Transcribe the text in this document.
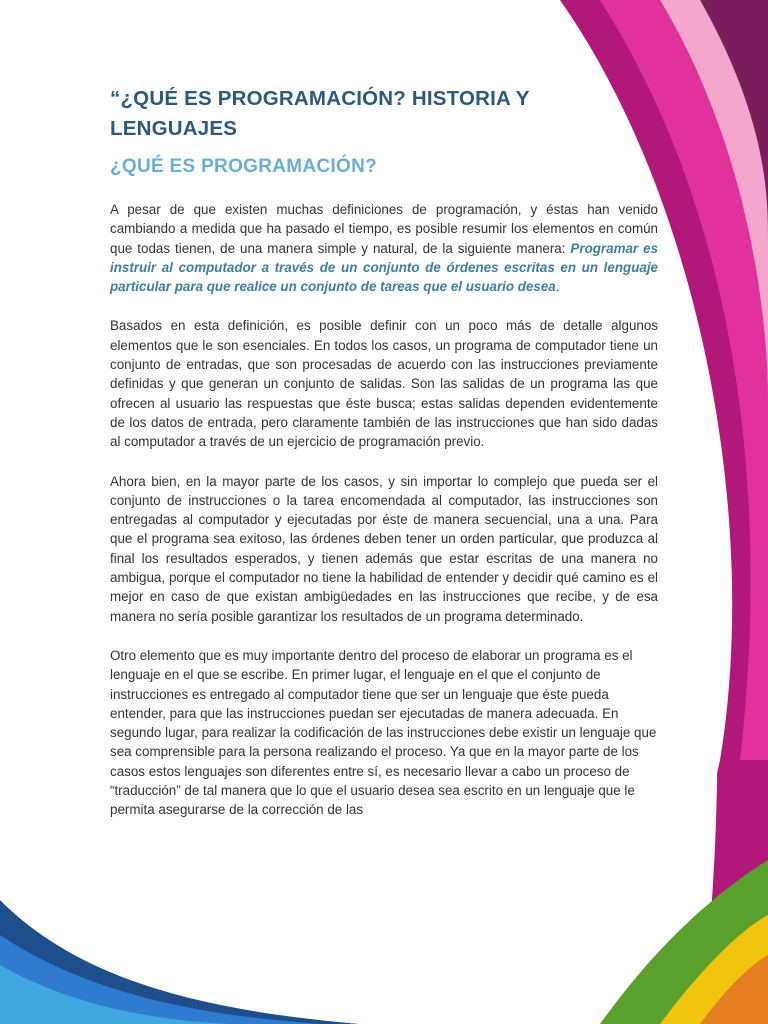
“¿QUÉ ES PROGRAMACIÓN? HISTORIA Y
LENGUAJES
¿QUÉ ES PROGRAMACIÓN?

A pesar de que existen muchas definiciones de programación, y éstas han venido cambiando a medida que ha pasado el tiempo, es posible resumir los elementos en común que todas tienen, de una manera simple y natural, de la siguiente manera: Programar es instruir al computador a través de un conjunto de órdenes escritas en un lenguaje particular para que realice un conjunto de tareas que el usuario desea.

Basados en esta definición, es posible definir con un poco más de detalle algunos elementos que le son esenciales. En todos los casos, un programa de computador tiene un conjunto de entradas, que son procesadas de acuerdo con las instrucciones previamente definidas y que generan un conjunto de salidas. Son las salidas de un programa las que ofrecen al usuario las respuestas que éste busca; estas salidas dependen evidentemente de los datos de entrada, pero claramente también de las instrucciones que han sido dadas al computador a través de un ejercicio de programación previo.

Ahora bien, en la mayor parte de los casos, y sin importar lo complejo que pueda ser el conjunto de instrucciones o la tarea encomendada al computador, las instrucciones son entregadas al computador y ejecutadas por éste de manera secuencial, una a una. Para que el programa sea exitoso, las órdenes deben tener un orden particular, que produzca al final los resultados esperados, y tienen además que estar escritas de una manera no ambigua, porque el computador no tiene la habilidad de entender y decidir qué camino es el mejor en caso de que existan ambigüedades en las instrucciones que recibe, y de esa manera no sería posible garantizar los resultados de un programa determinado.

Otro elemento que es muy importante dentro del proceso de elaborar un programa es el lenguaje en el que se escribe. En primer lugar, el lenguaje en el que el conjunto de instrucciones es entregado al computador tiene que ser un lenguaje que éste pueda entender, para que las instrucciones puedan ser ejecutadas de manera adecuada. En segundo lugar, para realizar la codificación de las instrucciones debe existir un lenguaje que sea comprensible para la persona realizando el proceso. Ya que en la mayor parte de los casos estos lenguajes son diferentes entre sí, es necesario llevar a cabo un proceso de “traducción” de tal manera que lo que el usuario desea sea escrito en un lenguaje que le permita asegurarse de la corrección de las
